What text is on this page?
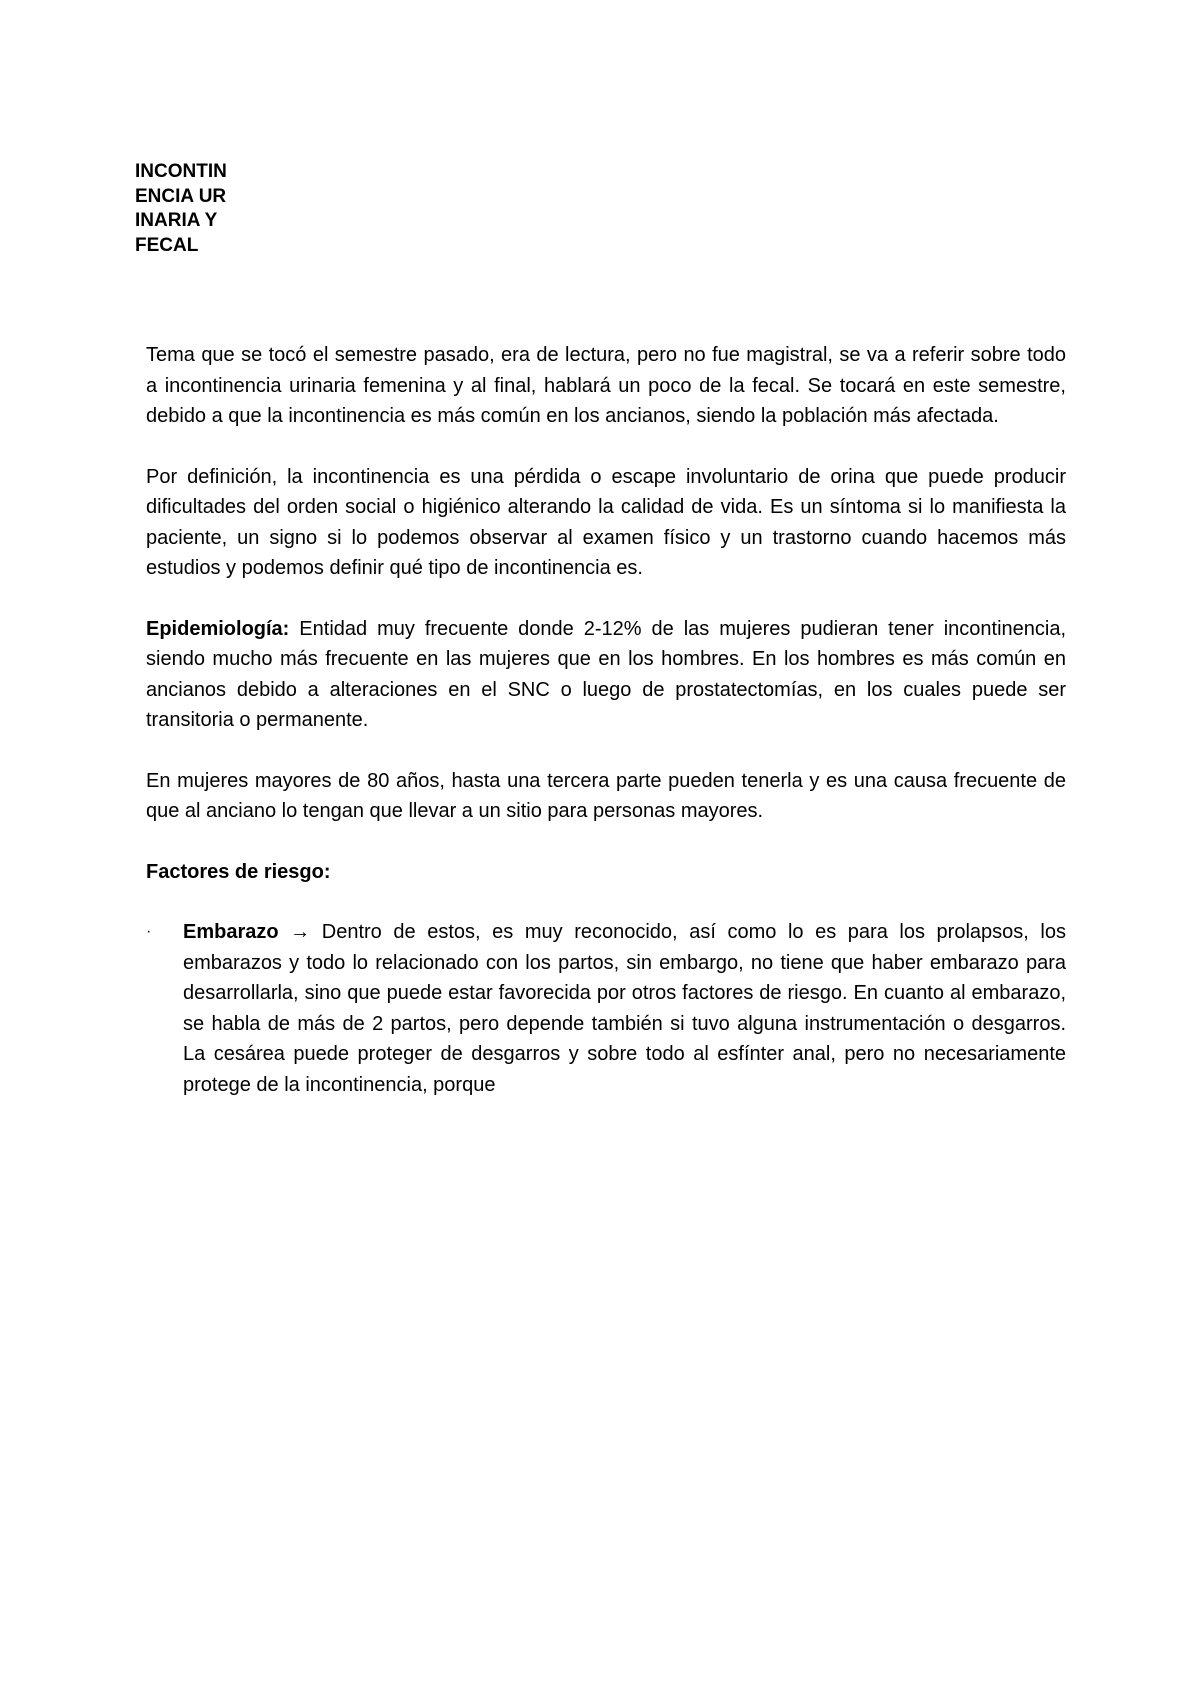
INCONTINENCIA URINARIA Y FECAL

Tema que se tocó el semestre pasado, era de lectura, pero no fue magistral, se va a referir sobre todo a incontinencia urinaria femenina y al final, hablará un poco de la fecal. Se tocará en este semestre, debido a que la incontinencia es más común en los ancianos, siendo la población más afectada.

Por definición, la incontinencia es una pérdida o escape involuntario de orina que puede producir dificultades del orden social o higiénico alterando la calidad de vida. Es un síntoma si lo manifiesta la paciente, un signo si lo podemos observar al examen físico y un trastorno cuando hacemos más estudios y podemos definir qué tipo de incontinencia es.

Epidemiología: Entidad muy frecuente donde 2-12% de las mujeres pudieran tener incontinencia, siendo mucho más frecuente en las mujeres que en los hombres. En los hombres es más común en ancianos debido a alteraciones en el SNC o luego de prostatectomías, en los cuales puede ser transitoria o permanente.

En mujeres mayores de 80 años, hasta una tercera parte pueden tenerla y es una causa frecuente de que al anciano lo tengan que llevar a un sitio para personas mayores.

Factores de riesgo:

· Embarazo → Dentro de estos, es muy reconocido, así como lo es para los prolapsos, los embarazos y todo lo relacionado con los partos, sin embargo, no tiene que haber embarazo para desarrollarla, sino que puede estar favorecida por otros factores de riesgo. En cuanto al embarazo, se habla de más de 2 partos, pero depende también si tuvo alguna instrumentación o desgarros. La cesárea puede proteger de desgarros y sobre todo al esfínter anal, pero no necesariamente protege de la incontinencia, porque
